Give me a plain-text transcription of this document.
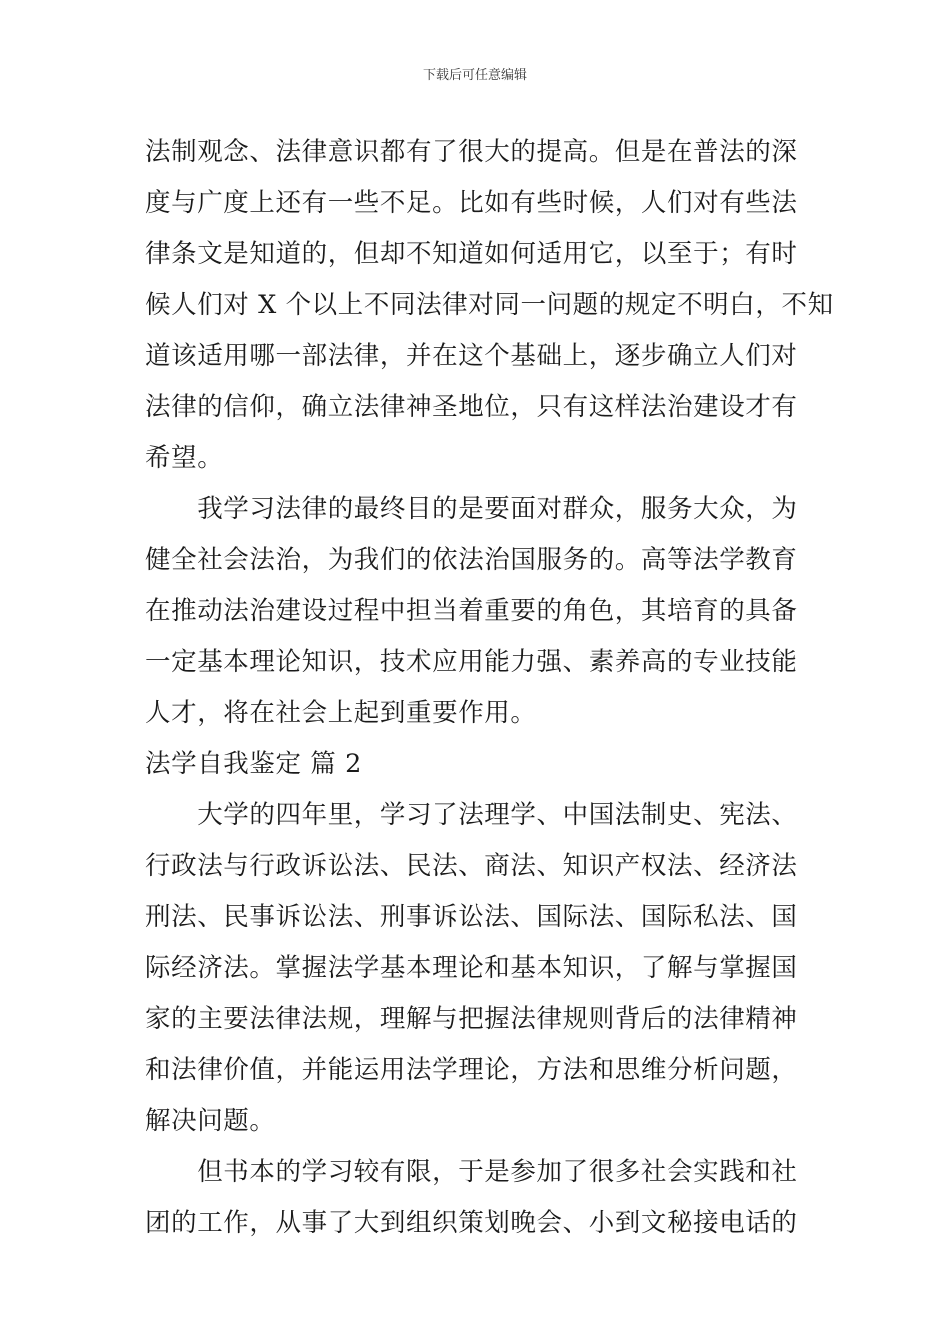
下载后可任意编辑
法制观念、法律意识都有了很大的提高。但是在普法的深
度与广度上还有一些不足。比如有些时候，人们对有些法
律条文是知道的，但却不知道如何适用它，以至于；有时
候人们对 X 个以上不同法律对同一问题的规定不明白，不知
道该适用哪一部法律，并在这个基础上，逐步确立人们对
法律的信仰，确立法律神圣地位，只有这样法治建设才有
希望。
　　我学习法律的最终目的是要面对群众，服务大众，为
健全社会法治，为我们的依法治国服务的。高等法学教育
在推动法治建设过程中担当着重要的角色，其培育的具备
一定基本理论知识，技术应用能力强、素养高的专业技能
人才，将在社会上起到重要作用。
法学自我鉴定 篇 2
　　大学的四年里，学习了法理学、中国法制史、宪法、
行政法与行政诉讼法、民法、商法、知识产权法、经济法
刑法、民事诉讼法、刑事诉讼法、国际法、国际私法、国
际经济法。掌握法学基本理论和基本知识，了解与掌握国
家的主要法律法规，理解与把握法律规则背后的法律精神
和法律价值，并能运用法学理论，方法和思维分析问题，
解决问题。
　　但书本的学习较有限，于是参加了很多社会实践和社
团的工作，从事了大到组织策划晚会、小到文秘接电话的
